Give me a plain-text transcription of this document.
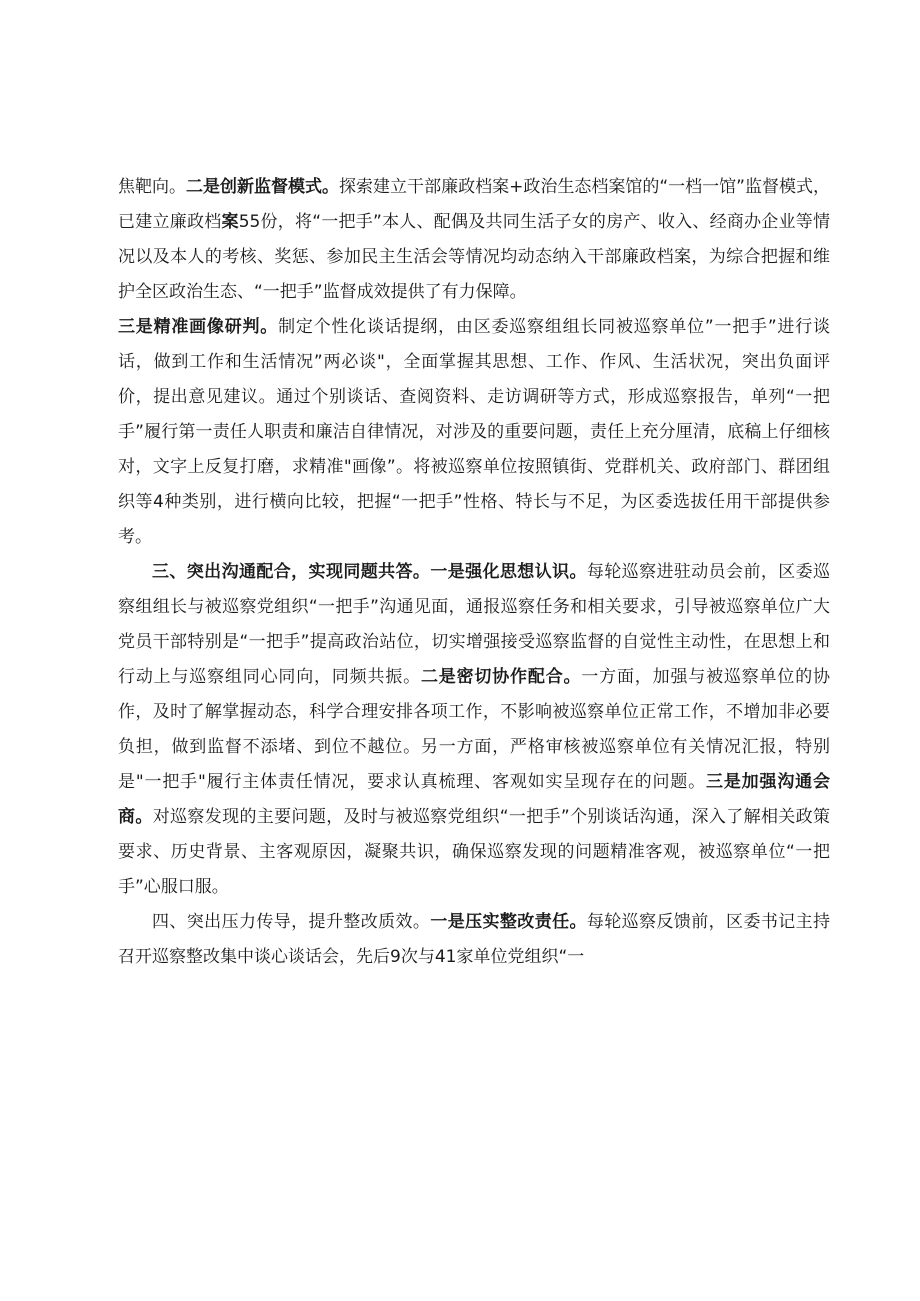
焦靶向。二是创新监督模式。探索建立干部廉政档案+政治生态档案馆的“一档一馆”监督模式，已建立廉政档案55份，将“一把手”本人、配偶及共同生活子女的房产、收入、经商办企业等情况以及本人的考核、奖惩、参加民主生活会等情况均动态纳入干部廉政档案，为综合把握和维护全区政治生态、“一把手”监督成效提供了有力保障。

三是精准画像研判。制定个性化谈话提纲，由区委巡察组组长同被巡察单位”一把手”进行谈话，做到工作和生活情况”两必谈"，全面掌握其思想、工作、作风、生活状况，突出负面评价，提出意见建议。通过个别谈话、查阅资料、走访调研等方式，形成巡察报告，单列“一把手”履行第一责任人职责和廉洁自律情况，对涉及的重要问题，责任上充分厘清，底稿上仔细核对，文字上反复打磨，求精准"画像”。将被巡察单位按照镇街、党群机关、政府部门、群团组织等4种类别，进行横向比较，把握“一把手”性格、特长与不足，为区委选拔任用干部提供参考。

三、突出沟通配合，实现同题共答。一是强化思想认识。每轮巡察进驻动员会前，区委巡察组组长与被巡察党组织“一把手”沟通见面，通报巡察任务和相关要求，引导被巡察单位广大党员干部特别是“一把手”提高政治站位，切实增强接受巡察监督的自觉性主动性，在思想上和行动上与巡察组同心同向，同频共振。二是密切协作配合。一方面，加强与被巡察单位的协作，及时了解掌握动态，科学合理安排各项工作，不影响被巡察单位正常工作，不增加非必要负担，做到监督不添堵、到位不越位。另一方面，严格审核被巡察单位有关情况汇报，特别是"一把手"履行主体责任情况，要求认真梳理、客观如实呈现存在的问题。三是加强沟通会商。对巡察发现的主要问题，及时与被巡察党组织“一把手”个别谈话沟通，深入了解相关政策要求、历史背景、主客观原因，凝聚共识，确保巡察发现的问题精准客观，被巡察单位“一把手”心服口服。

四、突出压力传导，提升整改质效。一是压实整改责任。每轮巡察反馈前，区委书记主持召开巡察整改集中谈心谈话会，先后9次与41家单位党组织“一
